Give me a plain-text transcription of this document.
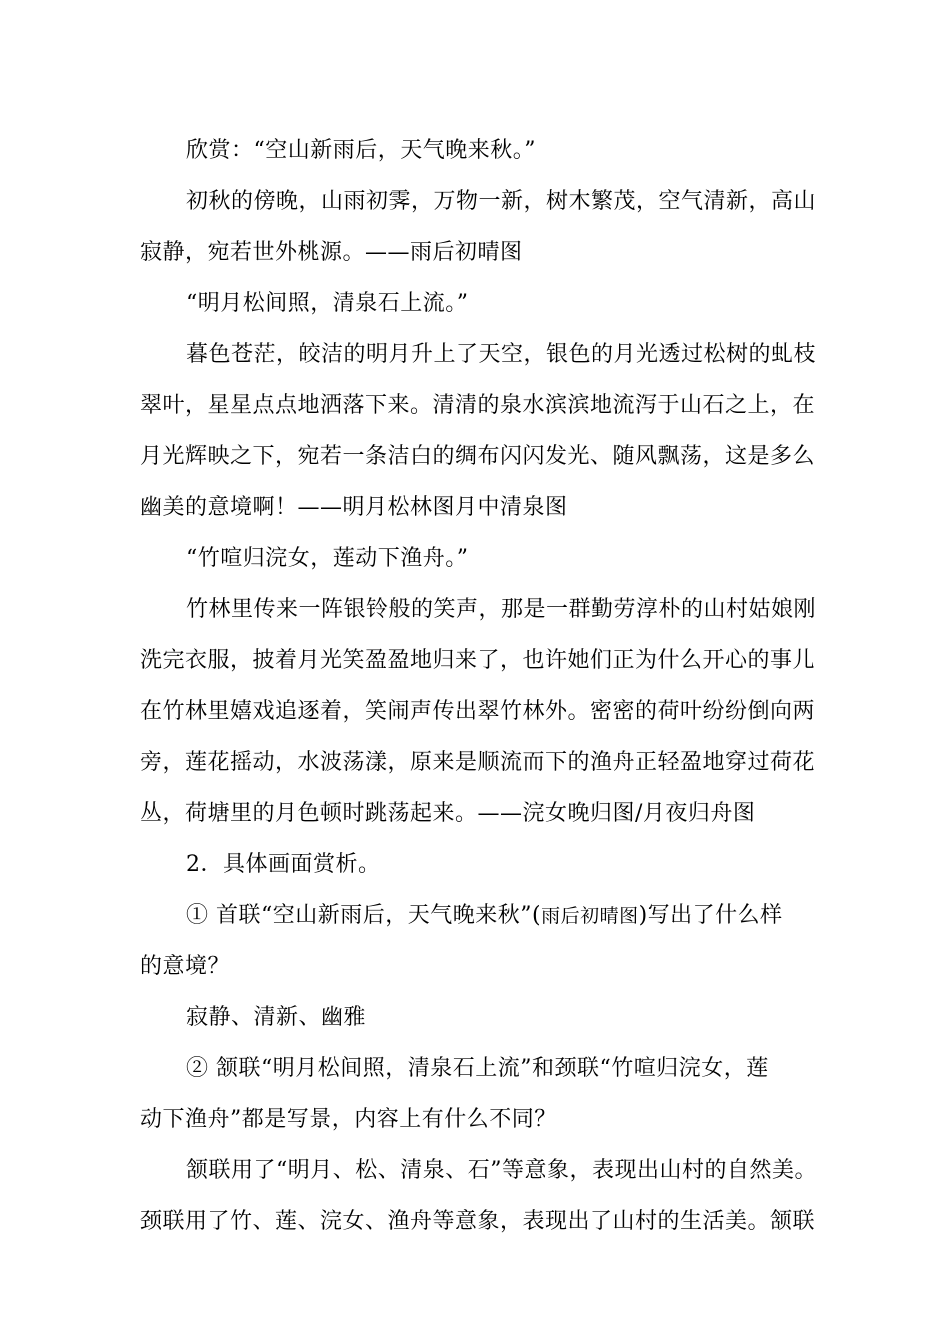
欣赏：“空山新雨后，天气晚来秋。”
初秋的傍晚，山雨初霁，万物一新，树木繁茂，空气清新，高山
寂静，宛若世外桃源。——雨后初晴图
“明月松间照，清泉石上流。”
暮色苍茫，皎洁的明月升上了天空，银色的月光透过松树的虬枝
翠叶，星星点点地洒落下来。清清的泉水滨滨地流泻于山石之上，在
月光辉映之下，宛若一条洁白的绸布闪闪发光、随风飘荡，这是多么
幽美的意境啊！——明月松林图月中清泉图
“竹喧归浣女，莲动下渔舟。”
竹林里传来一阵银铃般的笑声，那是一群勤劳淳朴的山村姑娘刚
洗完衣服，披着月光笑盈盈地归来了，也许她们正为什么开心的事儿
在竹林里嬉戏追逐着，笑闹声传出翠竹林外。密密的荷叶纷纷倒向两
旁，莲花摇动，水波荡漾，原来是顺流而下的渔舟正轻盈地穿过荷花
丛，荷塘里的月色顿时跳荡起来。——浣女晚归图/月夜归舟图
2．具体画面赏析。
① 首联“空山新雨后，天气晚来秋”(雨后初晴图)写出了什么样
的意境？
寂静、清新、幽雅
② 颔联“明月松间照，清泉石上流”和颈联“竹喧归浣女，莲
动下渔舟”都是写景，内容上有什么不同？
颔联用了“明月、松、清泉、石”等意象，表现出山村的自然美。
颈联用了竹、莲、浣女、渔舟等意象，表现出了山村的生活美。颔联
